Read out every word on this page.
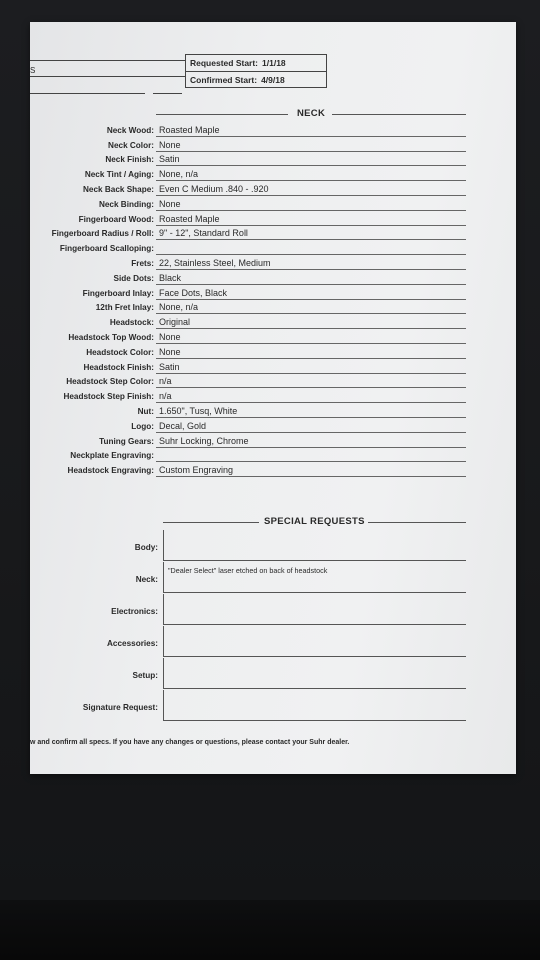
S
Requested Start: 1/1/18
Confirmed Start: 4/9/18
NECK
Neck Wood: Roasted Maple
Neck Color: None
Neck Finish: Satin
Neck Tint / Aging: None, n/a
Neck Back Shape: Even C Medium .840 - .920
Neck Binding: None
Fingerboard Wood: Roasted Maple
Fingerboard Radius / Roll: 9" - 12", Standard Roll
Fingerboard Scalloping:
Frets: 22, Stainless Steel, Medium
Side Dots: Black
Fingerboard Inlay: Face Dots, Black
12th Fret Inlay: None, n/a
Headstock: Original
Headstock Top Wood: None
Headstock Color: None
Headstock Finish: Satin
Headstock Step Color: n/a
Headstock Step Finish: n/a
Nut: 1.650", Tusq, White
Logo: Decal, Gold
Tuning Gears: Suhr Locking, Chrome
Neckplate Engraving:
Headstock Engraving: Custom Engraving
SPECIAL REQUESTS
Body:
Neck:
"Dealer Select" laser etched on back of headstock
Electronics:
Accessories:
Setup:
Signature Request:
w and confirm all specs. If you have any changes or questions, please contact your Suhr dealer.
